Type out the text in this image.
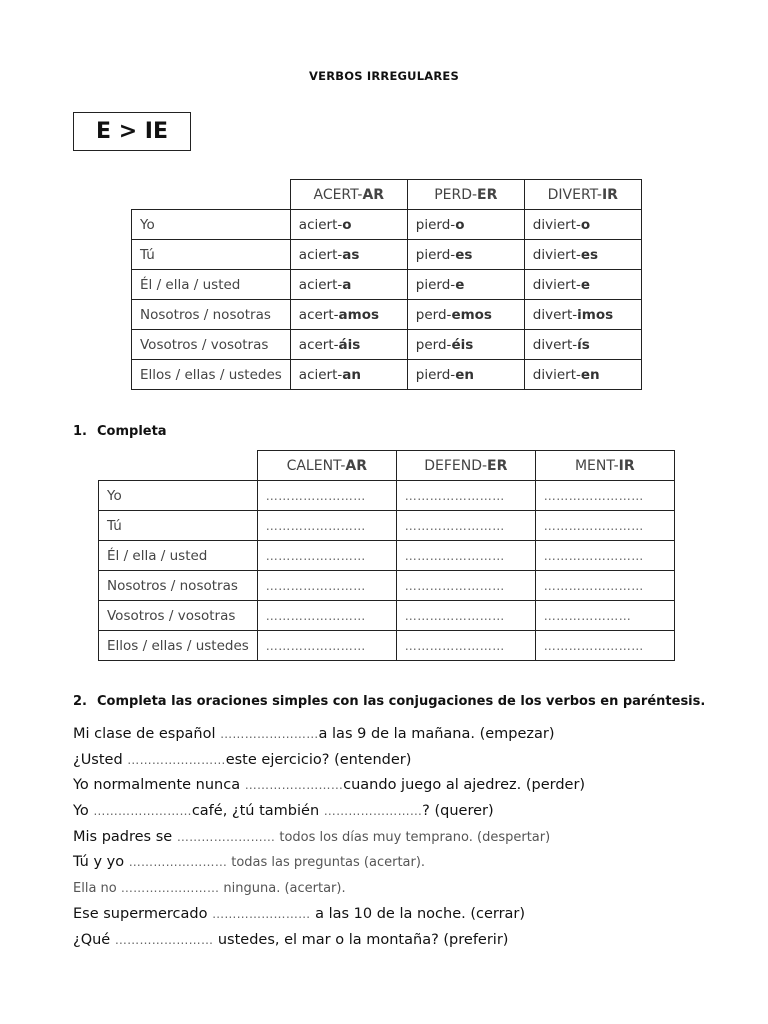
VERBOS IRREGULARES
E > IE
	ACERT-AR	PERD-ER	DIVERT-IR
Yo	aciert-o	pierd-o	diviert-o
Tú	aciert-as	pierd-es	diviert-es
Él / ella / usted	aciert-a	pierd-e	diviert-e
Nosotros / nosotras	acert-amos	perd-emos	divert-imos
Vosotros / vosotras	acert-áis	perd-éis	divert-ís
Ellos / ellas / ustedes	aciert-an	pierd-en	diviert-en
1. Completa
	CALENT-AR	DEFEND-ER	MENT-IR
Yo	……………………	……………………	……………………
Tú	……………………	……………………	……………………
Él / ella / usted	……………………	……………………	……………………
Nosotros / nosotras	……………………	……………………	……………………
Vosotros / vosotras	……………………	……………………	…………………
Ellos / ellas / ustedes	……………………	……………………	……………………
2. Completa las oraciones simples con las conjugaciones de los verbos en paréntesis.
Mi clase de español ……………………a las 9 de la mañana. (empezar)
¿Usted ……………………este ejercicio? (entender)
Yo normalmente nunca ……………………cuando juego al ajedrez. (perder)
Yo ……………………café, ¿tú también ……………………? (querer)
Mis padres se …………………… todos los días muy temprano. (despertar)
Tú y yo …………………… todas las preguntas (acertar).
Ella no …………………… ninguna. (acertar).
Ese supermercado …………………… a las 10 de la noche. (cerrar)
¿Qué …………………… ustedes, el mar o la montaña? (preferir)
